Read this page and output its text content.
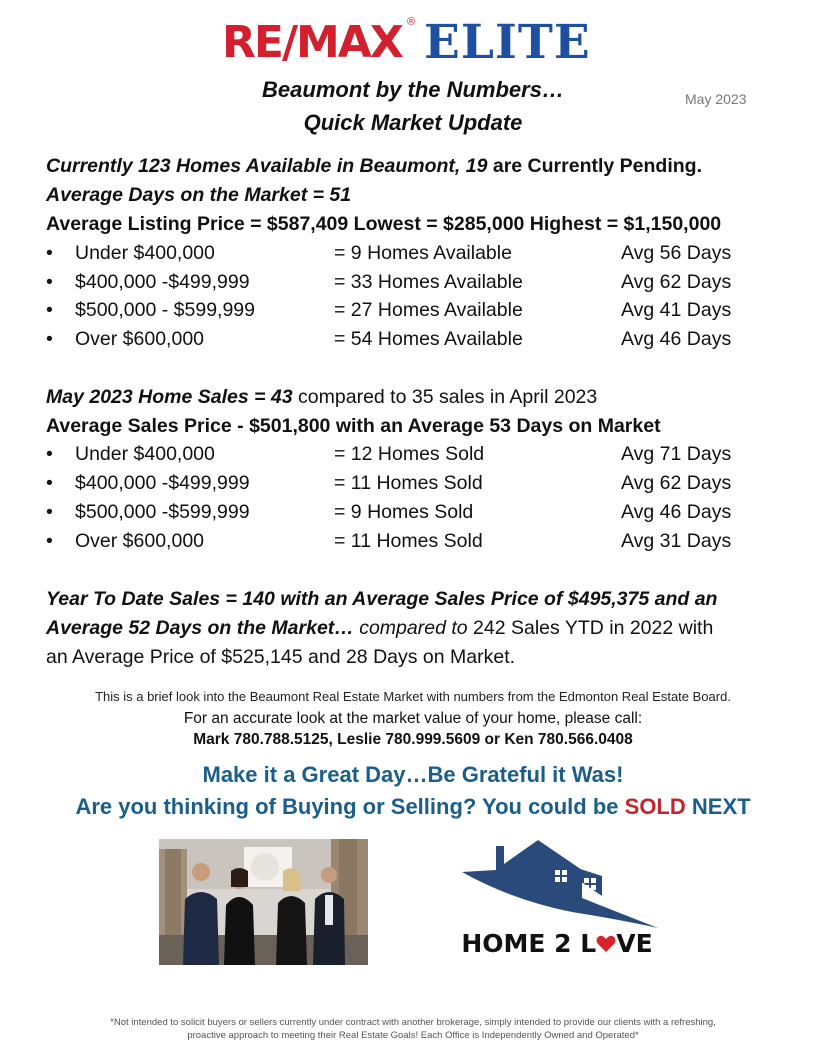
RE/MAX ® ELITE
Beaumont by the Numbers…
Quick Market Update
May 2023
Currently 123 Homes Available in Beaumont, 19 are Currently Pending.
Average Days on the Market = 51
Average Listing Price = $587,409 Lowest = $285,000 Highest = $1,150,000
• Under $400,000	= 9 Homes Available	Avg 56 Days
• $400,000 -$499,999	= 33 Homes Available	Avg 62 Days
• $500,000 - $599,999	= 27 Homes Available	Avg 41 Days
• Over $600,000	= 54 Homes Available	Avg 46 Days
May 2023 Home Sales = 43 compared to 35 sales in April 2023
Average Sales Price - $501,800 with an Average 53 Days on Market
• Under $400,000	= 12 Homes Sold	Avg 71 Days
• $400,000 -$499,999	= 11 Homes Sold	Avg 62 Days
• $500,000 -$599,999	= 9 Homes Sold	Avg 46 Days
• Over $600,000	= 11 Homes Sold	Avg 31 Days
Year To Date Sales = 140 with an Average Sales Price of $495,375 and an
Average 52 Days on the Market… compared to 242 Sales YTD in 2022 with
an Average Price of $525,145 and 28 Days on Market.
This is a brief look into the Beaumont Real Estate Market with numbers from the Edmonton Real Estate Board.
For an accurate look at the market value of your home, please call:
Mark 780.788.5125, Leslie 780.999.5609 or Ken 780.566.0408
Make it a Great Day…Be Grateful it Was!
Are you thinking of Buying or Selling? You could be SOLD NEXT
HOME 2 L VE
*Not intended to solicit buyers or sellers currently under contract with another brokerage, simply intended to provide our clients with a refreshing,
proactive approach to meeting their Real Estate Goals! Each Office is Independently Owned and Operated*
